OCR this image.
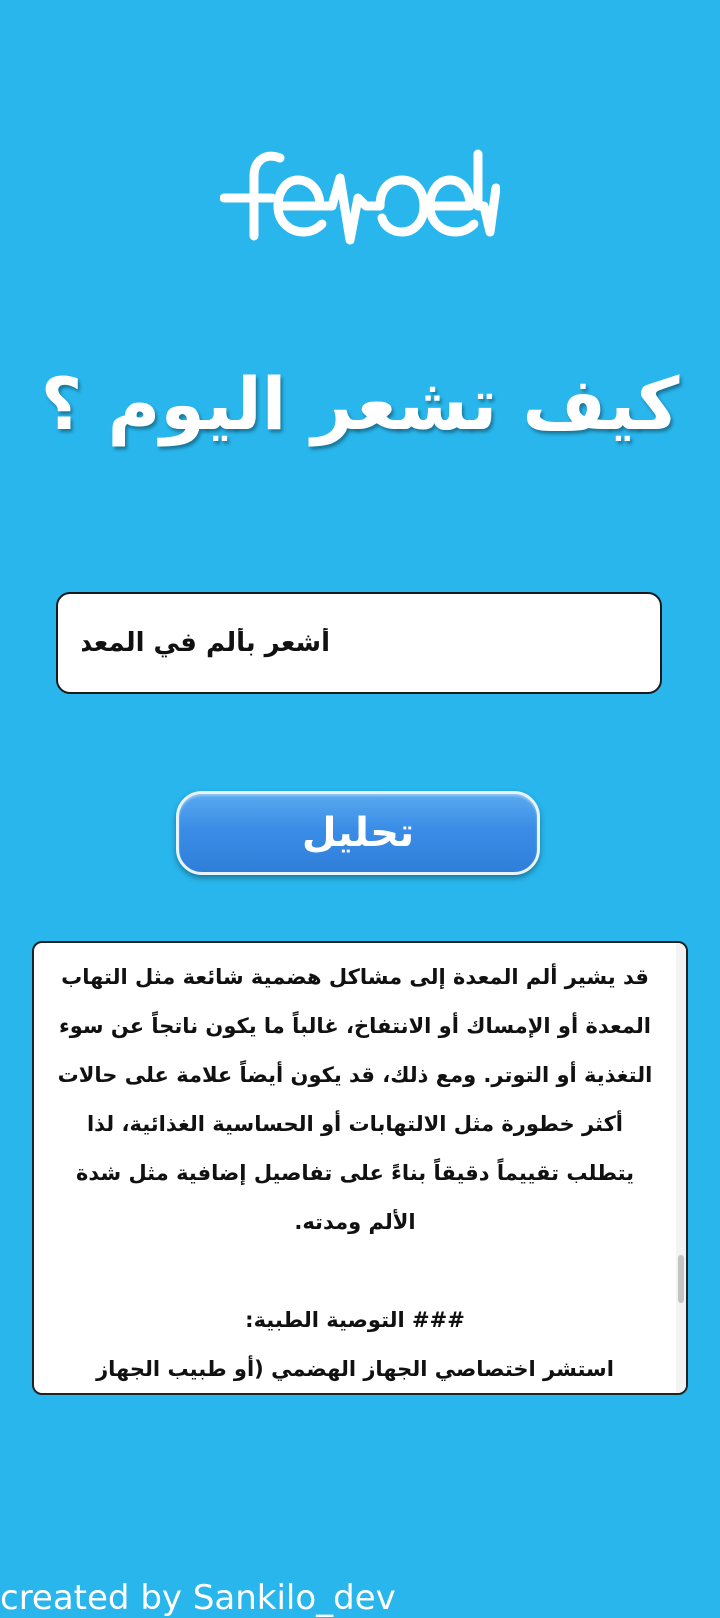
كيف تشعر اليوم ؟
أشعر بألم في المعدة
تحليل
قد يشير ألم المعدة إلى مشاكل هضمية شائعة مثل التهاب المعدة أو الإمساك أو الانتفاخ، غالباً ما يكون ناتجاً عن سوء التغذية أو التوتر. ومع ذلك، قد يكون أيضاً علامة على حالات أكثر خطورة مثل الالتهابات أو الحساسية الغذائية، لذا يتطلب تقييماً دقيقاً بناءً على تفاصيل إضافية مثل شدة الألم ومدته.

### التوصية الطبية:
استشر اختصاصي الجهاز الهضمي (أو طبيب الجهاز
created by Sankilo_dev
